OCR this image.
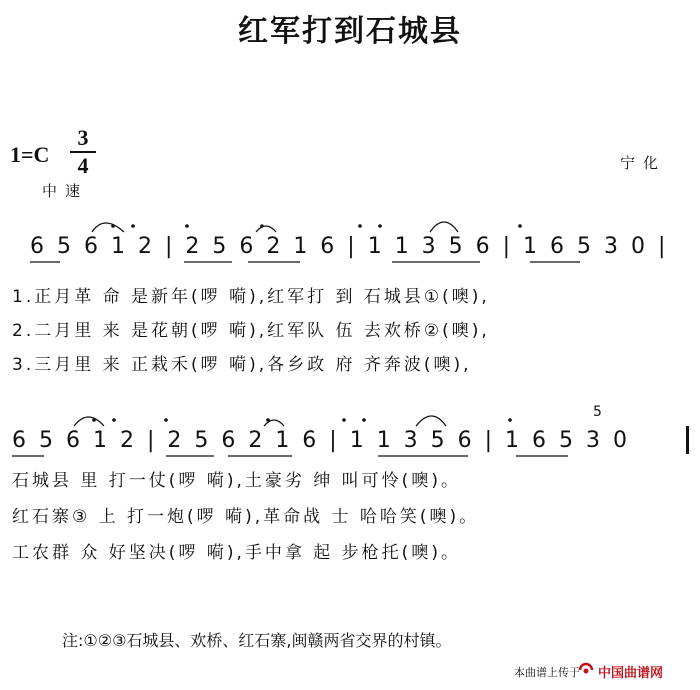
红军打到石城县
1=C
3
4
中速
宁化
6 5 6 1 2 | 2 5 6 2 1 6 | 1 1 3 5 6 | 1 6 5 3 0 |
1.正月革 命 是新年(啰 嗬),红军打 到 石城县①(噢),
2.二月里 来 是花朝(啰 嗬),红军队 伍 去欢桥②(噢),
3.三月里 来 正栽禾(啰 嗬),各乡政 府 齐奔波(噢),
5
6 5 6 1 2 | 2 5 6 2 1 6 | 1 1 3 5 6 | 1 6 5 3 0
石城县 里 打一仗(啰 嗬),土豪劣 绅 叫可怜(噢)。
红石寨③ 上 打一炮(啰 嗬),革命战 士 哈哈笑(噢)。
工农群 众 好坚决(啰 嗬),手中拿 起 步枪托(噢)。
注:①②③石城县、欢桥、红石寨,闽赣两省交界的村镇。
本曲谱上传于 中国曲谱网
